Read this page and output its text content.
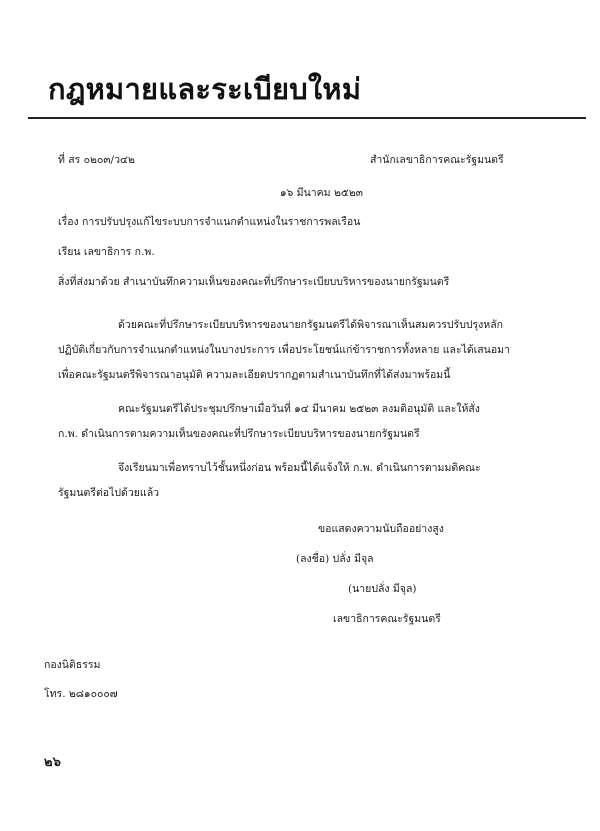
กฎหมายและระเบียบใหม่
ที่ สร ๐๒๐๓/ว๔๒	สำนักเลขาธิการคณะรัฐมนตรี
๑๖ มีนาคม ๒๕๒๓
เรื่อง การปรับปรุงแก้ไขระบบการจำแนกตำแหน่งในราชการพลเรือน
เรียน เลขาธิการ ก.พ.
สิ่งที่ส่งมาด้วย สำเนาบันทึกความเห็นของคณะที่ปรึกษาระเบียบบริหารของนายกรัฐมนตรี
ด้วยคณะที่ปรึกษาระเบียบบริหารของนายกรัฐมนตรีได้พิจารณาเห็นสมควรปรับปรุงหลัก
ปฏิบัติเกี่ยวกับการจำแนกตำแหน่งในบางประการ เพื่อประโยชน์แก่ข้าราชการทั้งหลาย และได้เสนอมา
เพื่อคณะรัฐมนตรีพิจารณาอนุมัติ ความละเอียดปรากฏตามสำเนาบันทึกที่ได้ส่งมาพร้อมนี้
คณะรัฐมนตรีได้ประชุมปรึกษาเมื่อวันที่ ๑๔ มีนาคม ๒๕๒๓ ลงมติอนุมัติ และให้สั่ง
ก.พ. ดำเนินการตามความเห็นของคณะที่ปรึกษาระเบียบบริหารของนายกรัฐมนตรี
จึงเรียนมาเพื่อทราบไว้ชั้นหนึ่งก่อน พร้อมนี้ได้แจ้งให้ ก.พ. ดำเนินการตามมติคณะ
รัฐมนตรีต่อไปด้วยแล้ว
ขอแสดงความนับถืออย่างสูง
(ลงชื่อ) ปลั่ง มีจุล
(นายปลั่ง มีจุล)
เลขาธิการคณะรัฐมนตรี
กองนิติธรรม
โทร. ๒๘๑๐๐๐๗
๒๖
